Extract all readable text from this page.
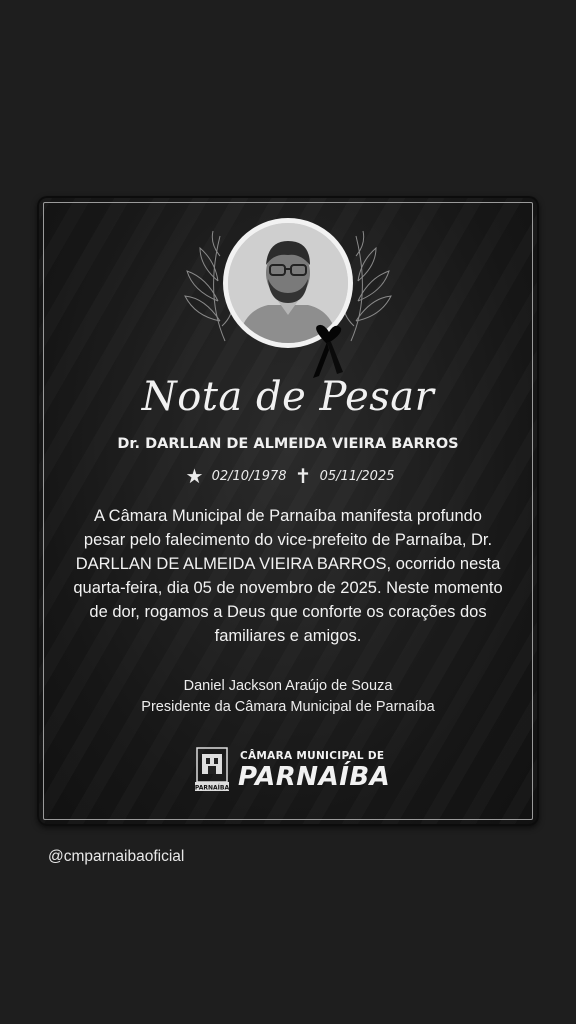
Nota de Pesar
Dr. DARLLAN DE ALMEIDA VIEIRA BARROS
★ 02/10/1978 ✝ 05/11/2025
A Câmara Municipal de Parnaíba manifesta profundo
pesar pelo falecimento do vice-prefeito de Parnaíba, Dr.
DARLLAN DE ALMEIDA VIEIRA BARROS, ocorrido nesta
quarta-feira, dia 05 de novembro de 2025. Neste momento
de dor, rogamos a Deus que conforte os corações dos
familiares e amigos.
Daniel Jackson Araújo de Souza
Presidente da Câmara Municipal de Parnaíba
PARNAÍBA
CÂMARA MUNICIPAL DE
PARNAÍBA
@cmparnaibaoficial
